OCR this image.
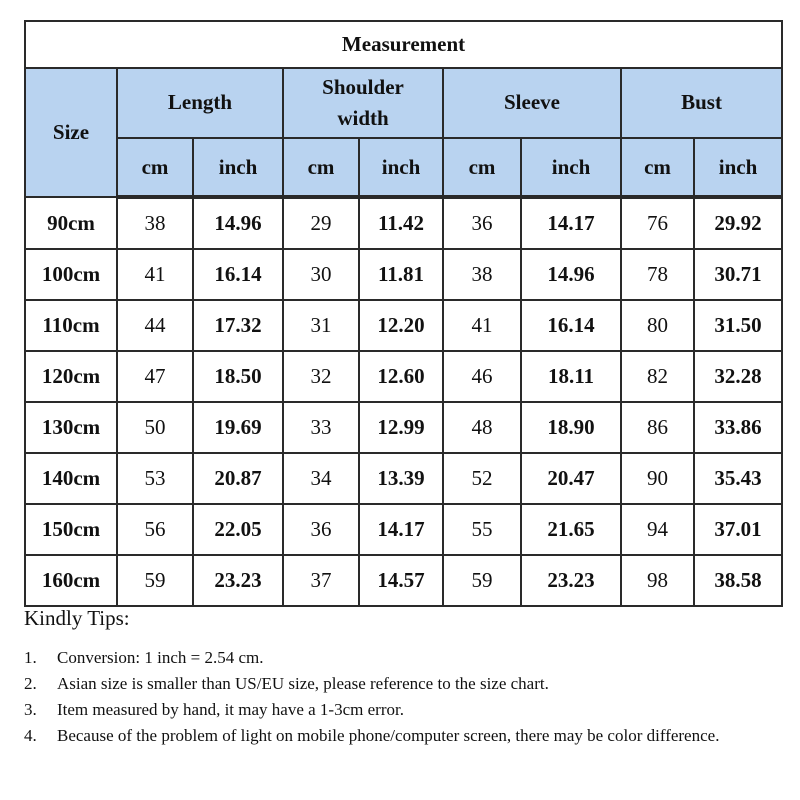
Measurement								
Size	Length		Shoulder width		Sleeve		Bust	
	cm	inch	cm	inch	cm	inch	cm	inch
90cm	38	14.96	29	11.42	36	14.17	76	29.92
100cm	41	16.14	30	11.81	38	14.96	78	30.71
110cm	44	17.32	31	12.20	41	16.14	80	31.50
120cm	47	18.50	32	12.60	46	18.11	82	32.28
130cm	50	19.69	33	12.99	48	18.90	86	33.86
140cm	53	20.87	34	13.39	52	20.47	90	35.43
150cm	56	22.05	36	14.17	55	21.65	94	37.01
160cm	59	23.23	37	14.57	59	23.23	98	38.58
Kindly Tips:
1.	Conversion: 1 inch = 2.54 cm.
2.	Asian size is smaller than US/EU size, please reference to the size chart.
3.	Item measured by hand, it may have a 1-3cm error.
4.	Because of the problem of light on mobile phone/computer screen, there may be color difference.
